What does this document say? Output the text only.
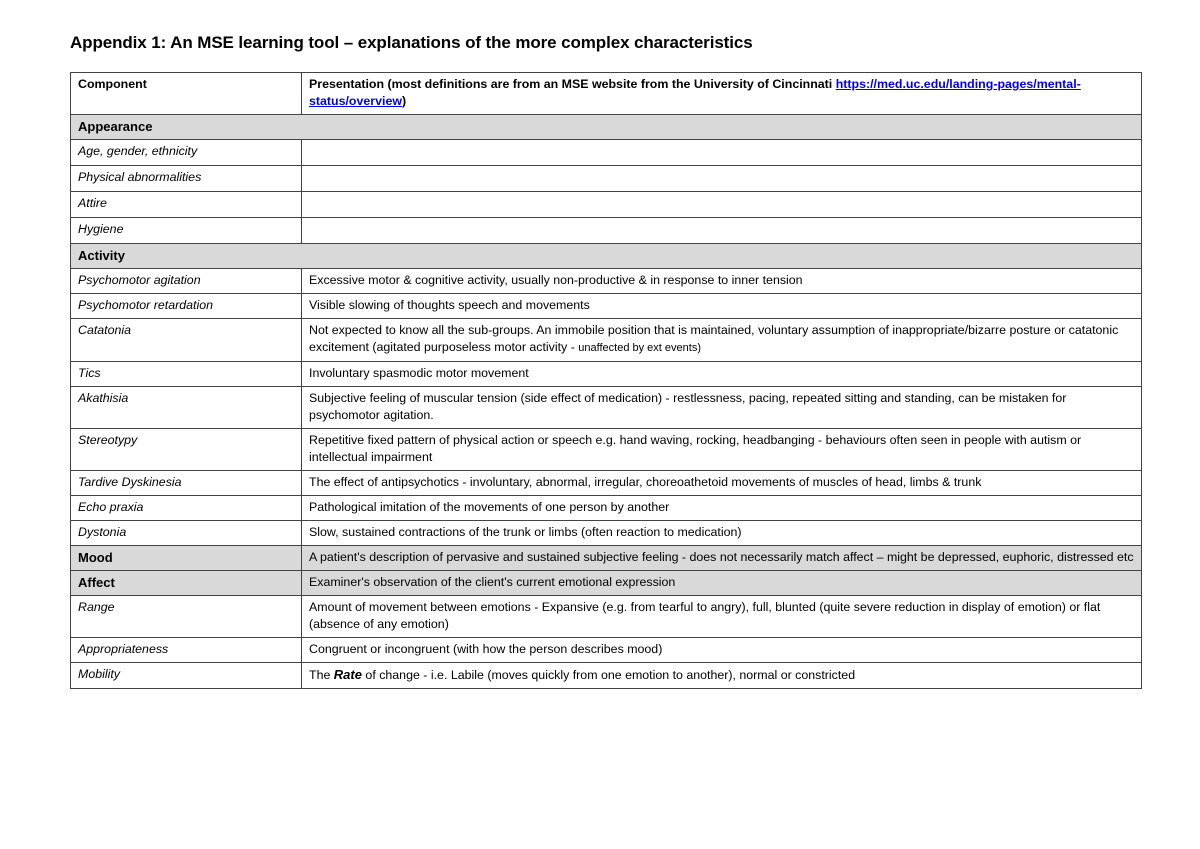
Appendix 1: An MSE learning tool – explanations of the more complex characteristics
Component	Presentation (most definitions are from an MSE website from the University of Cincinnati https://med.uc.edu/landing-pages/mental-status/overview)
Appearance	
Age, gender, ethnicity	
Physical abnormalities	
Attire	
Hygiene	
Activity	
Psychomotor agitation	Excessive motor & cognitive activity, usually non-productive & in response to inner tension
Psychomotor retardation	Visible slowing of thoughts speech and movements
Catatonia	Not expected to know all the sub-groups. An immobile position that is maintained, voluntary assumption of inappropriate/bizarre posture or catatonic excitement (agitated purposeless motor activity - unaffected by ext events)
Tics	Involuntary spasmodic motor movement
Akathisia	Subjective feeling of muscular tension (side effect of medication) - restlessness, pacing, repeated sitting and standing, can be mistaken for psychomotor agitation.
Stereotypy	Repetitive fixed pattern of physical action or speech e.g. hand waving, rocking, headbanging - behaviours often seen in people with autism or intellectual impairment
Tardive Dyskinesia	The effect of antipsychotics - involuntary, abnormal, irregular, choreoathetoid movements of muscles of head, limbs & trunk
Echo praxia	Pathological imitation of the movements of one person by another
Dystonia	Slow, sustained contractions of the trunk or limbs (often reaction to medication)
Mood	A patient's description of pervasive and sustained subjective feeling - does not necessarily match affect – might be depressed, euphoric, distressed etc
Affect	Examiner's observation of the client's current emotional expression
Range	Amount of movement between emotions - Expansive (e.g. from tearful to angry), full, blunted (quite severe reduction in display of emotion) or flat (absence of any emotion)
Appropriateness	Congruent or incongruent (with how the person describes mood)
Mobility	The Rate of change - i.e. Labile (moves quickly from one emotion to another), normal or constricted
